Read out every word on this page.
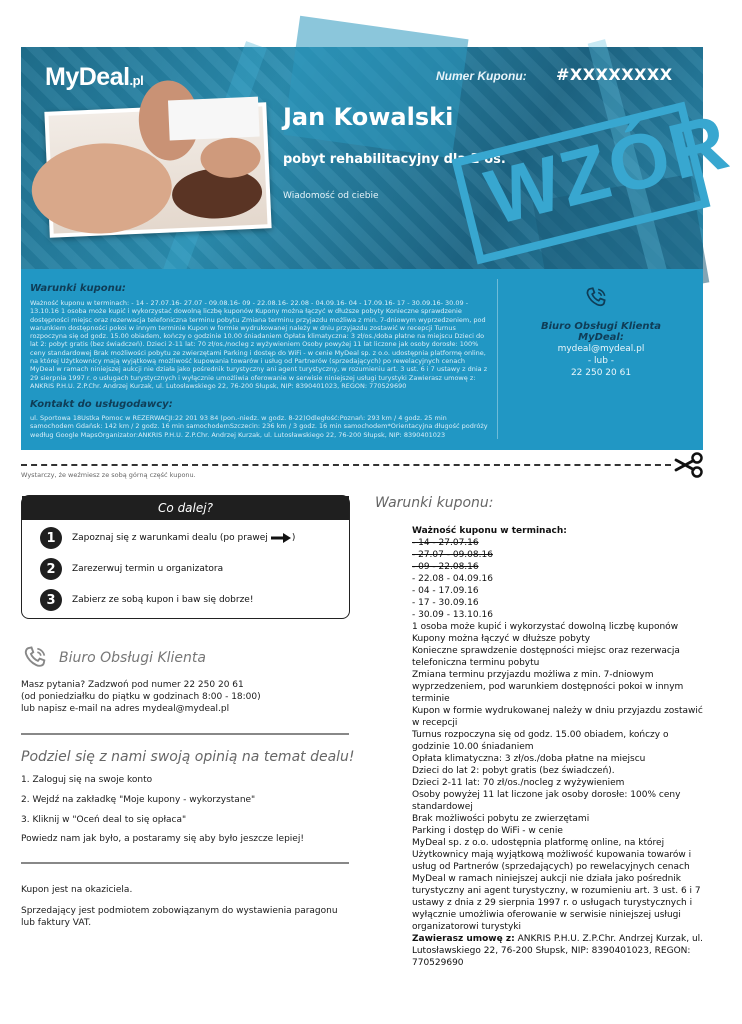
MyDeal.pl	Numer Kuponu: #XXXXXXXX
Jan Kowalski
pobyt rehabilitacyjny dla 2 os.
Wiadomość od ciebie WZÓR
Warunki kuponu:
Ważność kuponu w terminach: - 14 - 27.07.16- 27.07 - 09.08.16- 09 - 22.08.16- 22.08 - 04.09.16- 04 - 17.09.16- 17 - 30.09.16- 30.09 - 13.10.16 1 osoba może kupić i wykorzystać dowolną liczbę kuponów Kupony można łączyć w dłuższe pobyty Konieczne sprawdzenie dostępności miejsc oraz rezerwacja telefoniczna terminu pobytu Zmiana terminu przyjazdu możliwa z min. 7-dniowym wyprzedzeniem, pod warunkiem dostępności pokoi w innym terminie Kupon w formie wydrukowanej należy w dniu przyjazdu zostawić w recepcji Turnus rozpoczyna się od godz. 15.00 obiadem, kończy o godzinie 10.00 śniadaniem Opłata klimatyczna: 3 zł/os./doba płatne na miejscu Dzieci do lat 2: pobyt gratis (bez świadczeń). Dzieci 2-11 lat: 70 zł/os./nocleg z wyżywieniem Osoby powyżej 11 lat liczone jak osoby dorosłe: 100% ceny standardowej Brak możliwości pobytu ze zwierzętami Parking i dostęp do WiFi - w cenie MyDeal sp. z o.o. udostępnia platformę online, na której Użytkownicy mają wyjątkową możliwość kupowania towarów i usług od Partnerów (sprzedających) po rewelacyjnych cenach MyDeal w ramach niniejszej aukcji nie działa jako pośrednik turystyczny ani agent turystyczny, w rozumieniu art. 3 ust. 6 i 7 ustawy z dnia z 29 sierpnia 1997 r. o usługach turystycznych i wyłącznie umożliwia oferowanie w serwisie niniejszej usługi turystyki Zawierasz umowę z: ANKRIS P.H.U. Z.P.Chr. Andrzej Kurzak, ul. Lutosławskiego 22, 76-200 Słupsk, NIP: 8390401023, REGON: 770529690
Kontakt do usługodawcy:
ul. Sportowa 18Ustka Pomoc w REZERWACJI:22 201 93 84 (pon.-niedz. w godz. 8-22)Odległość:Poznań: 293 km / 4 godz. 25 min samochodem Gdańsk: 142 km / 2 godz. 16 min samochodemSzczecin: 236 km / 3 godz. 16 min samochodem*Orientacyjna długość podróży według Google MapsOrganizator:ANKRIS P.H.U. Z.P.Chr. Andrzej Kurzak, ul. Lutosławskiego 22, 76-200 Słupsk, NIP: 8390401023
Biuro Obsługi Klienta MyDeal:
mydeal@mydeal.pl
- lub -
22 250 20 61
Wystarczy, że weźmiesz ze sobą górną część kuponu.
Co dalej?
1	Zapoznaj się z warunkami dealu (po prawej	)
2	Zarezerwuj termin u organizatora
3	Zabierz ze sobą kupon i baw się dobrze!
Biuro Obsługi Klienta
Masz pytania? Zadzwoń pod numer 22 250 20 61
(od poniedziałku do piątku w godzinach 8:00 - 18:00)
lub napisz e-mail na adres mydeal@mydeal.pl
Podziel się z nami swoją opinią na temat dealu!
1. Zaloguj się na swoje konto
2. Wejdź na zakładkę "Moje kupony - wykorzystane"
3. Kliknij w "Oceń deal to się opłaca"
Powiedz nam jak było, a postaramy się aby było jeszcze lepiej!
Kupon jest na okaziciela.
Sprzedający jest podmiotem zobowiązanym do wystawienia paragonu lub faktury VAT.
Warunki kuponu:
Ważność kuponu w terminach:
- 14 - 27.07.16
- 27.07 - 09.08.16
- 09 - 22.08.16
- 22.08 - 04.09.16
- 04 - 17.09.16
- 17 - 30.09.16
- 30.09 - 13.10.16
1 osoba może kupić i wykorzystać dowolną liczbę kuponów
Kupony można łączyć w dłuższe pobyty
Konieczne sprawdzenie dostępności miejsc oraz rezerwacja telefoniczna terminu pobytu
Zmiana terminu przyjazdu możliwa z min. 7-dniowym wyprzedzeniem, pod warunkiem dostępności pokoi w innym terminie
Kupon w formie wydrukowanej należy w dniu przyjazdu zostawić w recepcji
Turnus rozpoczyna się od godz. 15.00 obiadem, kończy o godzinie 10.00 śniadaniem
Opłata klimatyczna: 3 zł/os./doba płatne na miejscu
Dzieci do lat 2: pobyt gratis (bez świadczeń).
Dzieci 2-11 lat: 70 zł/os./nocleg z wyżywieniem
Osoby powyżej 11 lat liczone jak osoby dorosłe: 100% ceny standardowej
Brak możliwości pobytu ze zwierzętami
Parking i dostęp do WiFi - w cenie
MyDeal sp. z o.o. udostępnia platformę online, na której Użytkownicy mają wyjątkową możliwość kupowania towarów i usług od Partnerów (sprzedających) po rewelacyjnych cenach
MyDeal w ramach niniejszej aukcji nie działa jako pośrednik turystyczny ani agent turystyczny, w rozumieniu art. 3 ust. 6 i 7 ustawy z dnia z 29 sierpnia 1997 r. o usługach turystycznych i wyłącznie umożliwia oferowanie w serwisie niniejszej usługi organizatorowi turystyki
Zawierasz umowę z: ANKRIS P.H.U. Z.P.Chr. Andrzej Kurzak, ul. Lutosławskiego 22, 76-200 Słupsk, NIP: 8390401023, REGON: 770529690
